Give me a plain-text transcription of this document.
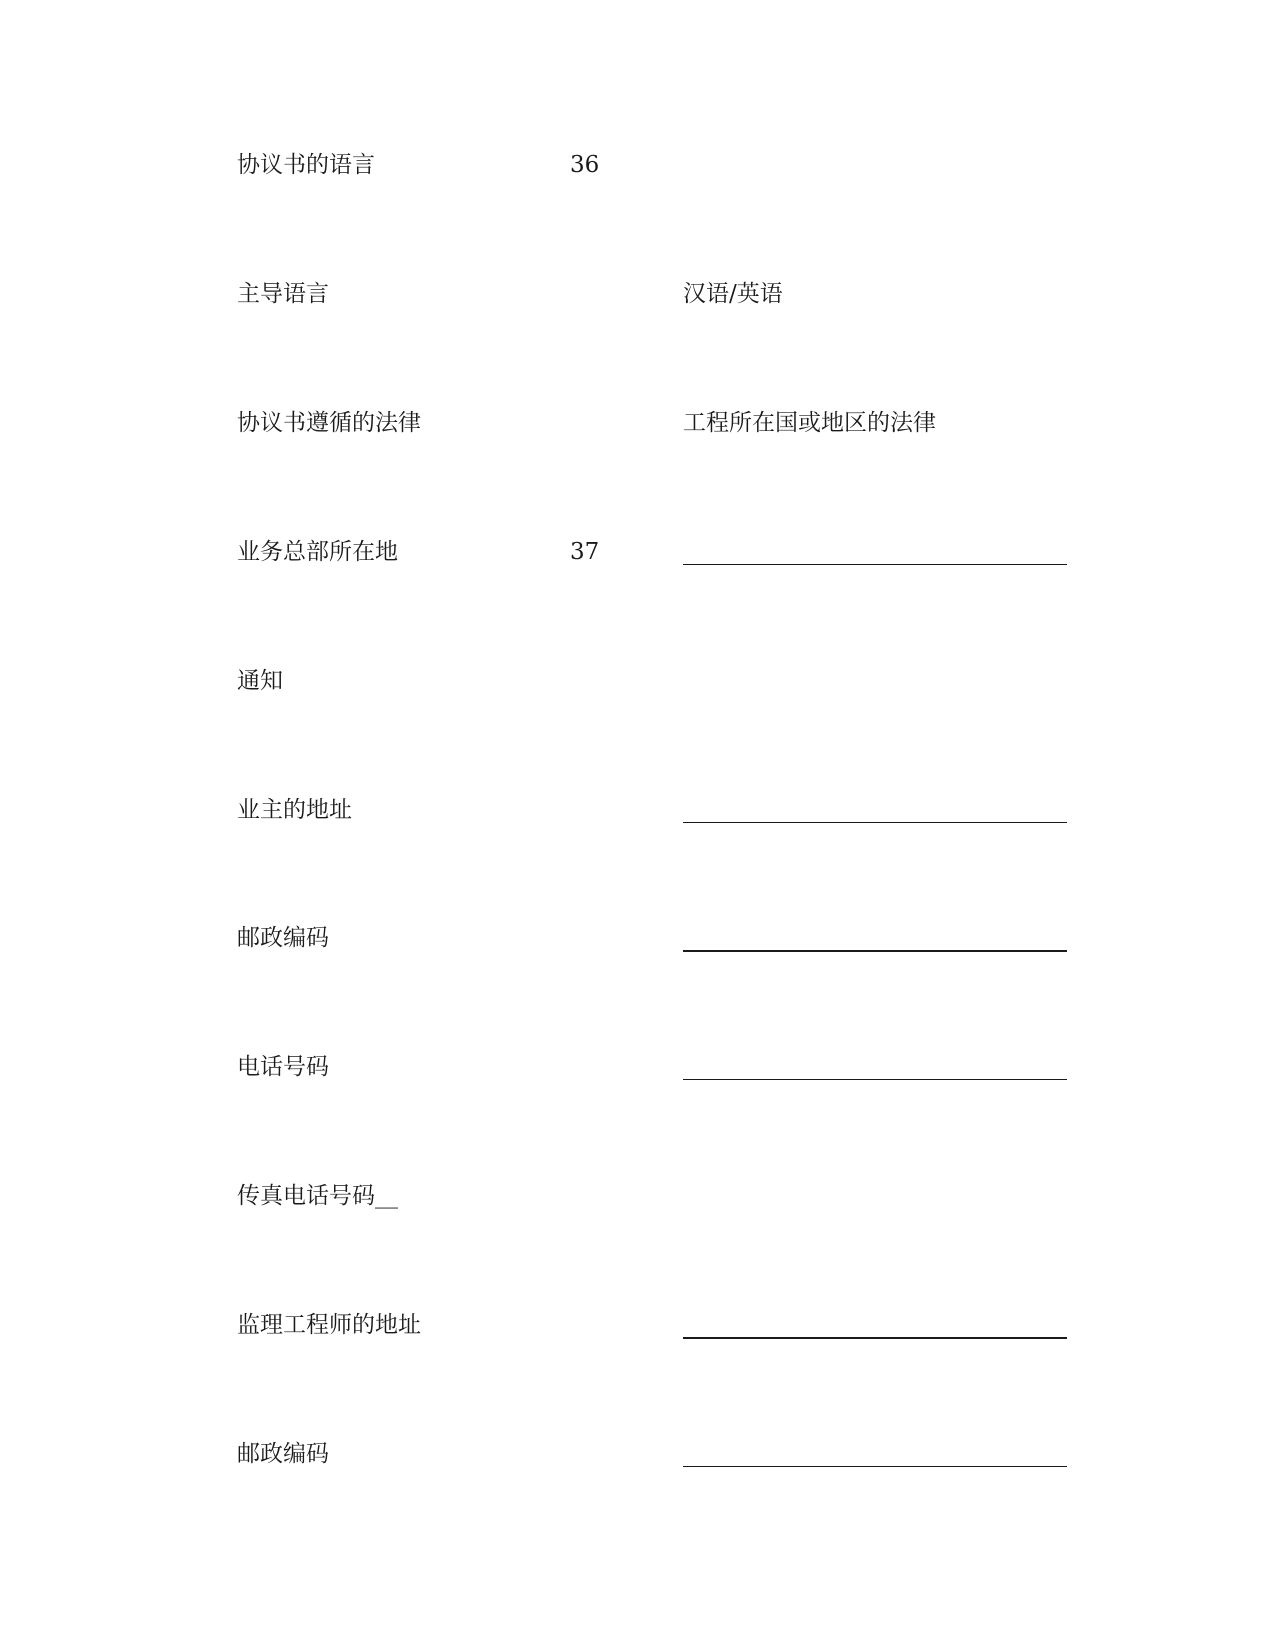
协议书的语言	36
主导语言	汉语/英语
协议书遵循的法律	工程所在国或地区的法律
业务总部所在地	37
通知
业主的地址
邮政编码
电话号码
传真电话号码__
监理工程师的地址
邮政编码
